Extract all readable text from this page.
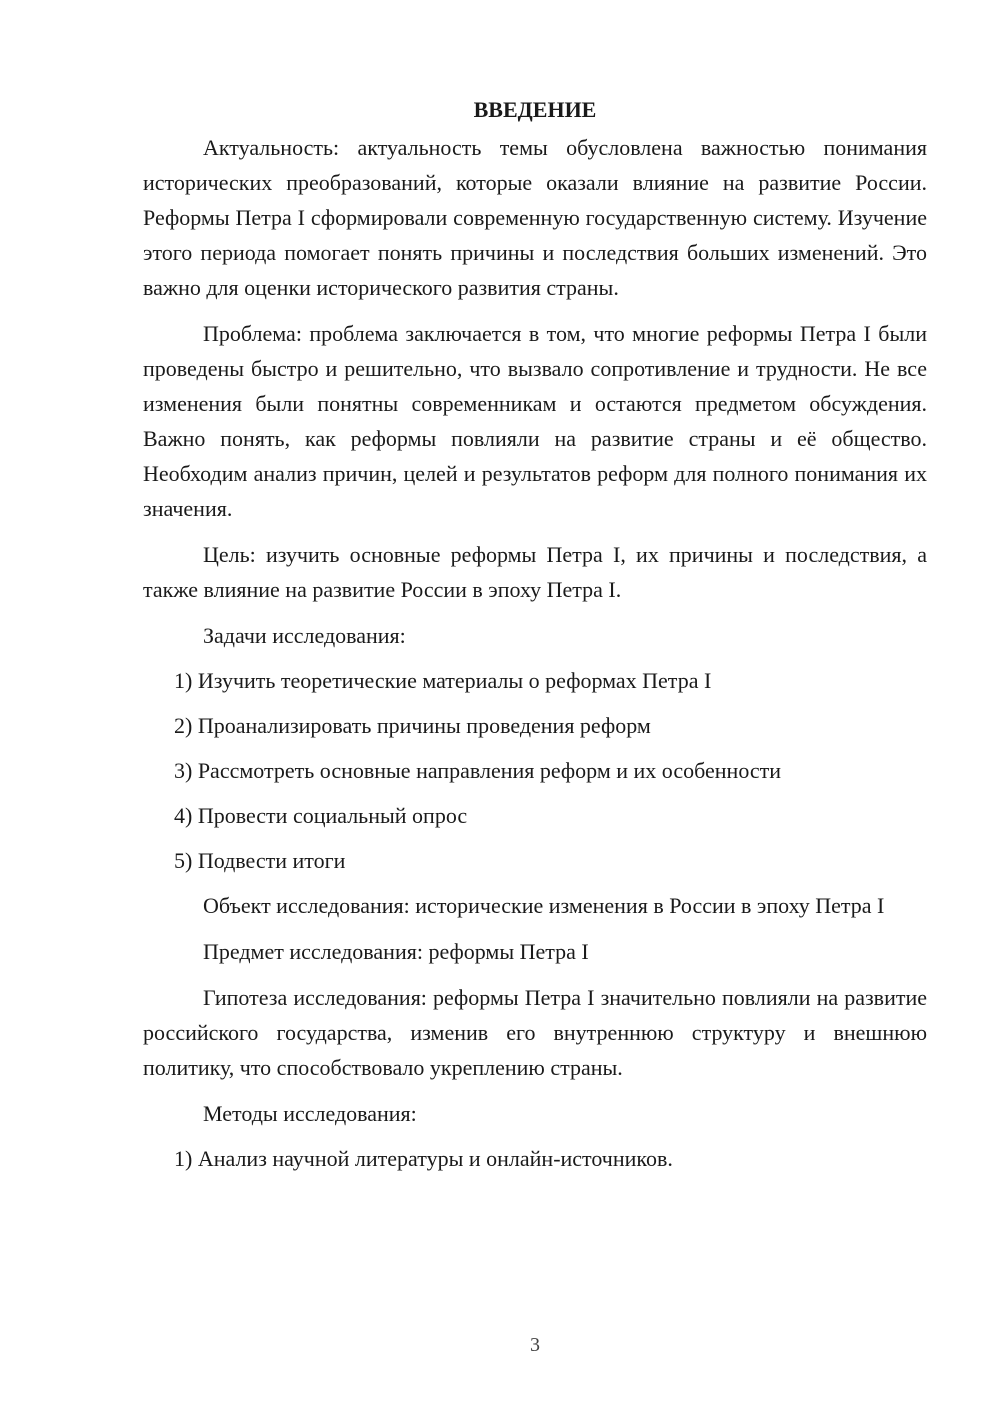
ВВЕДЕНИЕ

Актуальность: актуальность темы обусловлена важностью понимания исторических преобразований, которые оказали влияние на развитие России. Реформы Петра I сформировали современную государственную систему. Изучение этого периода помогает понять причины и последствия больших изменений. Это важно для оценки исторического развития страны.

Проблема: проблема заключается в том, что многие реформы Петра I были проведены быстро и решительно, что вызвало сопротивление и трудности. Не все изменения были понятны современникам и остаются предметом обсуждения. Важно понять, как реформы повлияли на развитие страны и её общество. Необходим анализ причин, целей и результатов реформ для полного понимания их значения.

Цель: изучить основные реформы Петра I, их причины и последствия, а также влияние на развитие России в эпоху Петра I.

Задачи исследования:

1) Изучить теоретические материалы о реформах Петра I

2) Проанализировать причины проведения реформ

3) Рассмотреть основные направления реформ и их особенности

4) Провести социальный опрос

5) Подвести итоги

Объект исследования: исторические изменения в России в эпоху Петра I

Предмет исследования: реформы Петра I

Гипотеза исследования: реформы Петра I значительно повлияли на развитие российского государства, изменив его внутреннюю структуру и внешнюю политику, что способствовало укреплению страны.

Методы исследования:

1) Анализ научной литературы и онлайн-источников.

3
